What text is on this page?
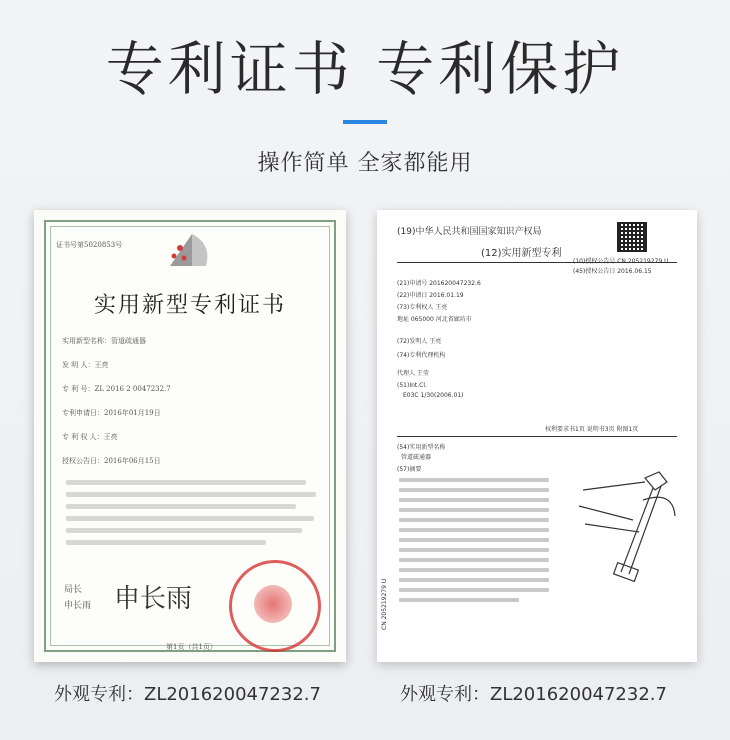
专利证书 专利保护
操作简单 全家都能用
证书号第5020853号
实用新型专利证书
实用新型名称：管道疏通器
发 明 人：王亮
专 利 号：ZL 2016 2 0047232.7
专利申请日：2016年01月19日
专 利 权 人：王亮
授权公告日：2016年06月15日
局长
申长雨 申长雨
第1页（共1页）
(19)中华人民共和国国家知识产权局
(12)实用新型专利
(10)授权公告号 CN 205219279 U
(45)授权公告日 2016.06.15
(21)申请号 201620047232.6
(22)申请日 2016.01.19
(73)专利权人 王亮
地址 065000 河北省廊坊市
(72)发明人 王亮
(74)专利代理机构
代理人 王莹
(51)Int.Cl.
E03C 1/30(2006.01)
权利要求书1页 说明书3页 附图1页
(54)实用新型名称
管道疏通器
(57)摘要
CN 205219279 U
外观专利：ZL201620047232.7	外观专利：ZL201620047232.7
